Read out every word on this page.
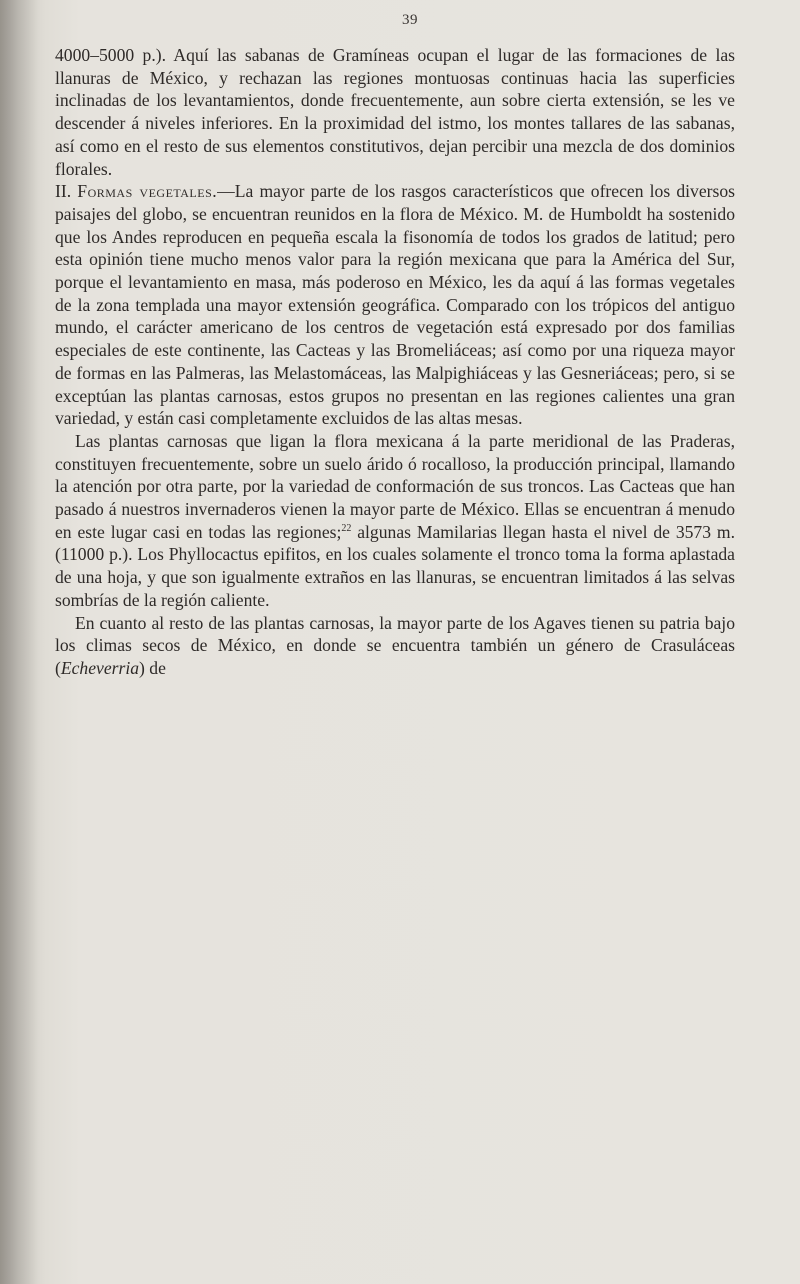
39

4000–5000 p.). Aquí las sabanas de Gramíneas ocupan el lugar de las formaciones de las llanuras de México, y rechazan las regiones montuosas continuas hacia las superficies inclinadas de los levantamientos, donde frecuentemente, aun sobre cierta extensión, se les ve descender á niveles inferiores. En la proximidad del istmo, los montes tallares de las sabanas, así como en el resto de sus elementos constitutivos, dejan percibir una mezcla de dos dominios florales.

II. Formas vegetales.—La mayor parte de los rasgos característicos que ofrecen los diversos paisajes del globo, se encuentran reunidos en la flora de México. M. de Humboldt ha sostenido que los Andes reproducen en pequeña escala la fisonomía de todos los grados de latitud; pero esta opinión tiene mucho menos valor para la región mexicana que para la América del Sur, porque el levantamiento en masa, más poderoso en México, les da aquí á las formas vegetales de la zona templada una mayor extensión geográfica. Comparado con los trópicos del antiguo mundo, el carácter americano de los centros de vegetación está expresado por dos familias especiales de este continente, las Cacteas y las Bromeliáceas; así como por una riqueza mayor de formas en las Palmeras, las Melastomáceas, las Malpighiáceas y las Gesneriáceas; pero, si se exceptúan las plantas carnosas, estos grupos no presentan en las regiones calientes una gran variedad, y están casi completamente excluidos de las altas mesas.

Las plantas carnosas que ligan la flora mexicana á la parte meridional de las Praderas, constituyen frecuentemente, sobre un suelo árido ó rocalloso, la producción principal, llamando la atención por otra parte, por la variedad de conformación de sus troncos. Las Cacteas que han pasado á nuestros invernaderos vienen la mayor parte de México. Ellas se encuentran á menudo en este lugar casi en todas las regiones;$^{22}$ algunas Mamilarias llegan hasta el nivel de 3573 m. (11000 p.). Los Phyllocactus epifitos, en los cuales solamente el tronco toma la forma aplastada de una hoja, y que son igualmente extraños en las llanuras, se encuentran limitados á las selvas sombrías de la región caliente.

En cuanto al resto de las plantas carnosas, la mayor parte de los Agaves tienen su patria bajo los climas secos de México, en donde se encuentra también un género de Crasuláceas (Echeverria) de
